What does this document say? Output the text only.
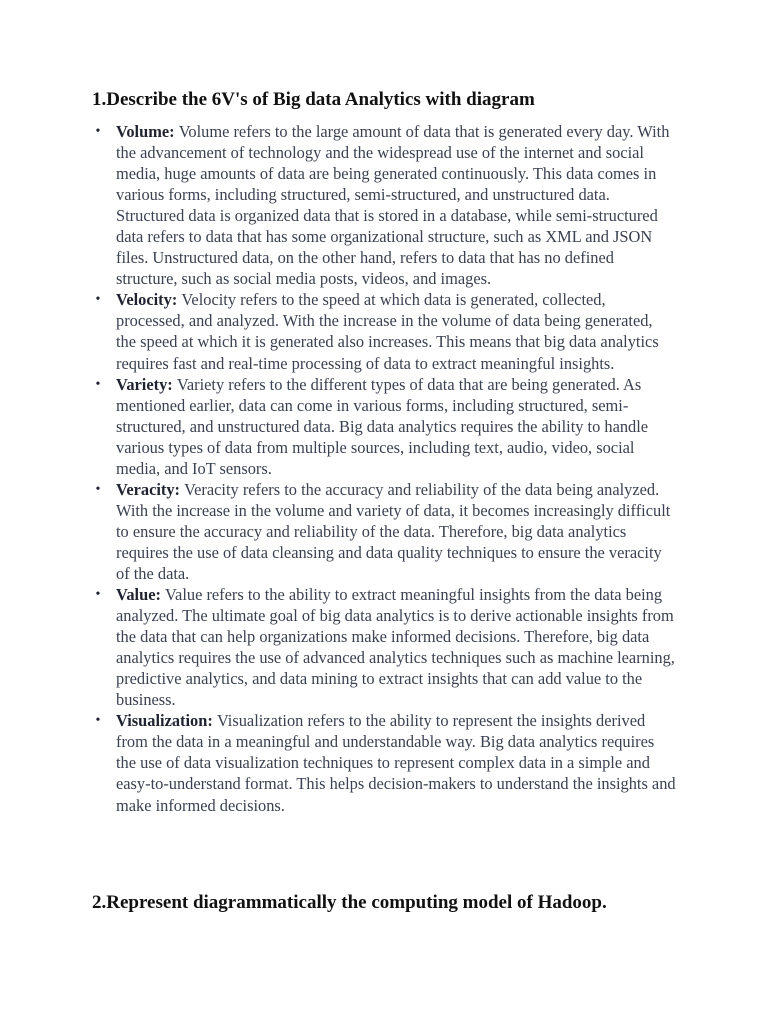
1.Describe the 6V's of Big data Analytics with diagram
• Volume: Volume refers to the large amount of data that is generated every day. With the advancement of technology and the widespread use of the internet and social media, huge amounts of data are being generated continuously. This data comes in various forms, including structured, semi-structured, and unstructured data. Structured data is organized data that is stored in a database, while semi-structured data refers to data that has some organizational structure, such as XML and JSON files. Unstructured data, on the other hand, refers to data that has no defined structure, such as social media posts, videos, and images.
• Velocity: Velocity refers to the speed at which data is generated, collected, processed, and analyzed. With the increase in the volume of data being generated, the speed at which it is generated also increases. This means that big data analytics requires fast and real-time processing of data to extract meaningful insights.
• Variety: Variety refers to the different types of data that are being generated. As mentioned earlier, data can come in various forms, including structured, semi-structured, and unstructured data. Big data analytics requires the ability to handle various types of data from multiple sources, including text, audio, video, social media, and IoT sensors.
• Veracity: Veracity refers to the accuracy and reliability of the data being analyzed. With the increase in the volume and variety of data, it becomes increasingly difficult to ensure the accuracy and reliability of the data. Therefore, big data analytics requires the use of data cleansing and data quality techniques to ensure the veracity of the data.
• Value: Value refers to the ability to extract meaningful insights from the data being analyzed. The ultimate goal of big data analytics is to derive actionable insights from the data that can help organizations make informed decisions. Therefore, big data analytics requires the use of advanced analytics techniques such as machine learning, predictive analytics, and data mining to extract insights that can add value to the business.
• Visualization: Visualization refers to the ability to represent the insights derived from the data in a meaningful and understandable way. Big data analytics requires the use of data visualization techniques to represent complex data in a simple and easy-to-understand format. This helps decision-makers to understand the insights and make informed decisions.
2.Represent diagrammatically the computing model of Hadoop.
